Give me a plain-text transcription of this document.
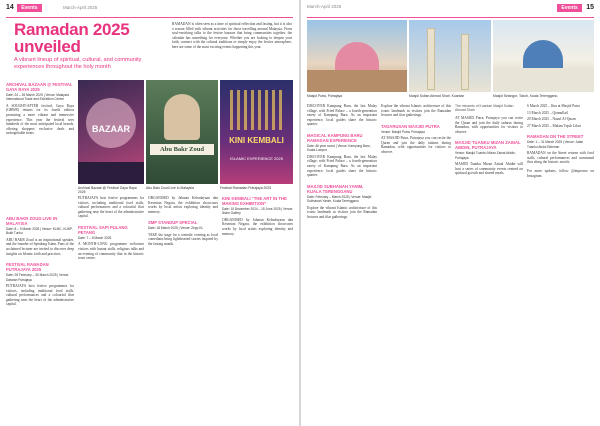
14 Events	March-April 2025
Ramadan 2025 unveiled
A vibrant lineup of spiritual, cultural, and community experiences throughout the holy month
RAMADAN is often seen as a time of spiritual reflection and fasting, but it is also a season filled with vibrant activities for those travelling around Malaysia. From soul-enriching talks to the festive bazaars that bring communities together, the calendar has something for everyone. Whether you are looking to deepen your faith, connect with the cultural traditions or simply enjoy the festive atmosphere, here are some of the most exciting events happening this year.
ARCHIVAL BAZAAR @ FESTIVAL GAYA RAYA 2025
Date: 24 – 26 March 2025 | Venue: Malaysia International Trade and Exhibition Centre
A SOUGHT-AFTER festival, Gaya Raya (GRWR) returns for its fourth edition promising a more vibrant and immersive experience. This year the festival sees hundreds of the most anticipated local brands, offering shoppers exclusive deals and unforgettable treats.	BAZAAR
Abu Bakr Zoud
KINI KEMBALI
ISLAMIC EXPERIENCE 2025
Archival Bazaar @ Festival Gaya Raya 2025
Abu Bakr Zoud Live In Malaysia	Festival Ramadan Putrajaya 2025
ABU BAKR ZOUD LIVE IN MALAYSIA
Date: 8 – 9 March 2025 | Venue: KLMC, KLWP, Bukit Tunku
ABU BAKR Zoud is an inspirational speaker, and the founder of Speaking Islam. Fans of the acclaimed lecturer are invited to discover deep insights on Islamic faith and practices.
FESTIVAL RAMADAN PUTRAJAYA 2025
Date: 28 February – 30 March 2025 | Venue: Dataran Putrajaya
PUTRAJAYA host festive programmes for visitors, including traditional food stalls, cultural performances and a colourful iftar gathering near the heart of the administrative capital.
PUTRAJAYA host festive programmes for visitors, including traditional food stalls, cultural performances and a colourful iftar gathering near the heart of the administrative capital.
FESTIVAL SAPI PULANG PETANG
Date: 7 – 8 March 2025
A MONTH-LONG programme welcomes visitors with bazaar stalls, religious talks and an evening of community iftar in the historic town centre.
ORGANISED by Jabatan Kebudayaan dan Kesenian Negara, the exhibition showcases works by local artists exploring identity and memory.
SMP STANDUP SPECIAL
Date: 18 March 2025 | Venue: Zepp KL
TAKE the stage for a comedic evening as local comedians bring lighthearted stories inspired by the fasting month.
KINI KEMBALI “THE ART IN THE MAKING EXHIBITION”
Date: 15 December 2024 – 15 June 2025 | Venue: Ilham Gallery
ORGANISED by Jabatan Kebudayaan dan Kesenian Negara, the exhibition showcases works by local artists exploring identity and memory.
March-April 2025	Events 15
Masjid Putra, Putrajaya	Masjid Sultan Ahmad Shah, Kuantan	Masjid Selangor, Tokoh, Kuala Terengganu
DISCOVER Kampung Baru, the last Malay village, with Fried Palace – a fourth-generation eatery of Kampung Baru. As an important experience, local guides share the historic quarter.
MAGICAL KAMPUNG BARU RAMADAN EXPERIENCE
Date: All year round | Venue: Kampung Baru, Kuala Lumpur
DISCOVER Kampung Baru, the last Malay village, with Fried Palace – a fourth-generation eatery of Kampung Baru. As an important experience, local guides share the historic quarter.
MASJID SUBHANAH YANIM, KUALA TERENGGANU
Date: February – March 2025 | Venue: Masjid Subhanah Yanim, Kuala Terengganu
Explore the vibrant Islamic architecture of this iconic landmark as visitors join the Ramadan lectures and iftar gatherings.
Explore the vibrant Islamic architecture of this iconic landmark as visitors join the Ramadan lectures and iftar gatherings.
TADARUSAN MASJID PUTRA
Venue: Masjid Putra, Putrajaya
AT MASJID Putra, Putrajaya you can recite the Quran and join the daily tadarus during Ramadan, with opportunities for visitors to observe.
The minarets of Kuantan Masjid Sultan Ahmad Shah
AT MASJID Putra, Putrajaya you can recite the Quran and join the daily tadarus during Ramadan, with opportunities for visitors to observe.
MASJID TUANKU MIZAN ZAINAL ABIDIN, PUTRAJAYA
Venue: Masjid Tuanku Mizan Zainal Abidin, Putrajaya
MASJID Tuanku Mizan Zainal Abidin will host a series of community events centred on spiritual growth and shared meals.
6 March 2025 – Iftar at Masjid Putra
13 March 2025 – Qiamullail
20 March 2025 – Nuzul Al-Quran
27 March 2025 – Malam Tujuh Likur
RAMADAN ON THE STREET
Date: 1 – 31 March 2025 | Venue: Jalan Tuanku Abdul Rahman
RAMADAN on the Street returns with food stalls, cultural performances and communal iftar along the historic stretch.
For more updates, follow @tmpromo on Instagram.
